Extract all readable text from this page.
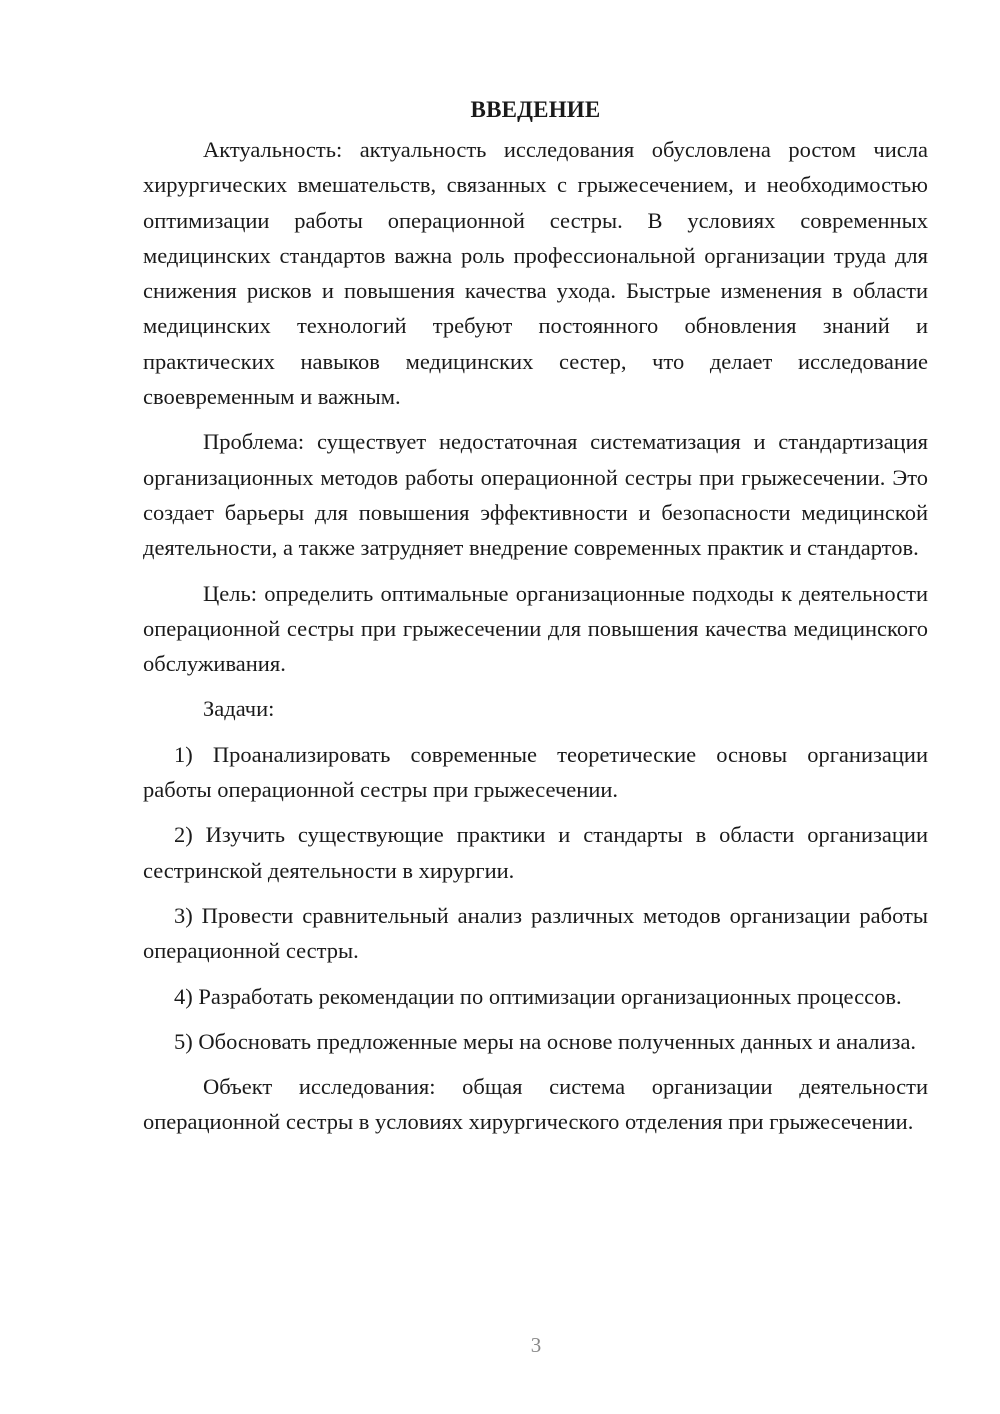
ВВЕДЕНИЕ

Актуальность: актуальность исследования обусловлена ростом числа хирургических вмешательств, связанных с грыжесечением, и необходимостью оптимизации работы операционной сестры. В условиях современных медицинских стандартов важна роль профессиональной организации труда для снижения рисков и повышения качества ухода. Быстрые изменения в области медицинских технологий требуют постоянного обновления знаний и практических навыков медицинских сестер, что делает исследование своевременным и важным.

Проблема: существует недостаточная систематизация и стандартизация организационных методов работы операционной сестры при грыжесечении. Это создает барьеры для повышения эффективности и безопасности медицинской деятельности, а также затрудняет внедрение современных практик и стандартов.

Цель: определить оптимальные организационные подходы к деятельности операционной сестры при грыжесечении для повышения качества медицинского обслуживания.

Задачи:

1) Проанализировать современные теоретические основы организации работы операционной сестры при грыжесечении.

2) Изучить существующие практики и стандарты в области организации сестринской деятельности в хирургии.

3) Провести сравнительный анализ различных методов организации работы операционной сестры.

4) Разработать рекомендации по оптимизации организационных процессов.

5) Обосновать предложенные меры на основе полученных данных и анализа.

Объект исследования: общая система организации деятельности операционной сестры в условиях хирургического отделения при грыжесечении.

3
